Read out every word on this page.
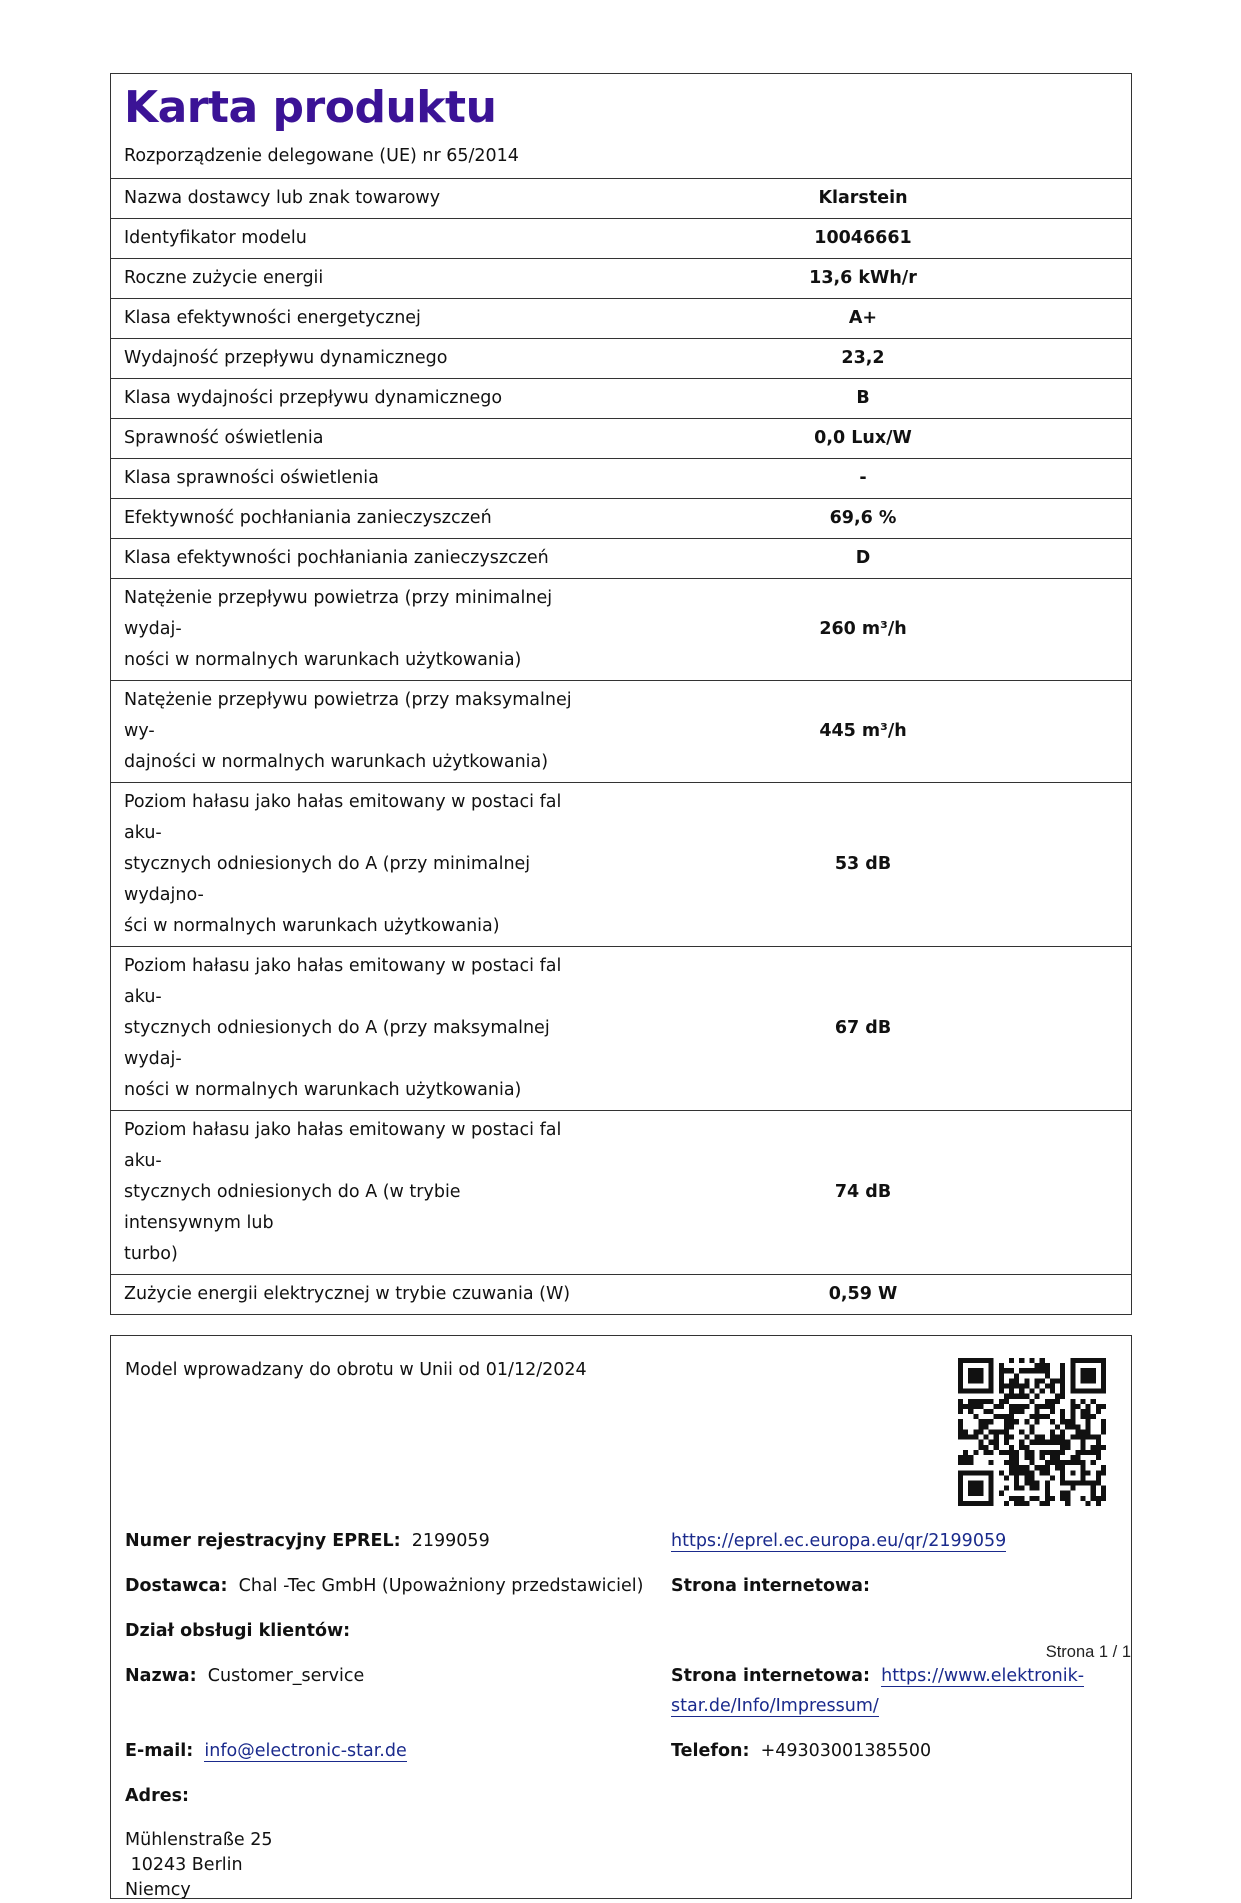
Karta produktu
Rozporządzenie delegowane (UE) nr 65/2014
Nazwa dostawcy lub znak towarowy	Klarstein
Identyfikator modelu	10046661
Roczne zużycie energii	13,6 kWh/r
Klasa efektywności energetycznej	A+
Wydajność przepływu dynamicznego	23,2
Klasa wydajności przepływu dynamicznego	B
Sprawność oświetlenia	0,0 Lux/W
Klasa sprawności oświetlenia	-
Efektywność pochłaniania zanieczyszczeń	69,6 %
Klasa efektywności pochłaniania zanieczyszczeń	D
Natężenie przepływu powietrza (przy minimalnej wydaj-
ności w normalnych warunkach użytkowania)	260 m³/h
Natężenie przepływu powietrza (przy maksymalnej wy-
dajności w normalnych warunkach użytkowania)	445 m³/h
Poziom hałasu jako hałas emitowany w postaci fal aku-
stycznych odniesionych do A (przy minimalnej wydajno-
ści w normalnych warunkach użytkowania)	53 dB
Poziom hałasu jako hałas emitowany w postaci fal aku-
stycznych odniesionych do A (przy maksymalnej wydaj-
ności w normalnych warunkach użytkowania)	67 dB
Poziom hałasu jako hałas emitowany w postaci fal aku-
stycznych odniesionych do A (w trybie intensywnym lub
turbo)	74 dB
Zużycie energii elektrycznej w trybie czuwania (W)	0,59 W
Model wprowadzany do obrotu w Unii od 01/12/2024
Numer rejestracyjny EPREL: 2199059	https://eprel.ec.europa.eu/qr/2199059
Dostawca: Chal -Tec GmbH (Upoważniony przedstawiciel) Strona internetowa:
Dział obsługi klientów:
Nazwa: Customer_service	Strona internetowa: https://www.elektronik-
star.de/Info/Impressum/
E-mail: info@electronic-star.de	Telefon: +49303001385500
Adres:
Mühlenstraße 25
10243 Berlin
Niemcy
Strona 1 / 1
